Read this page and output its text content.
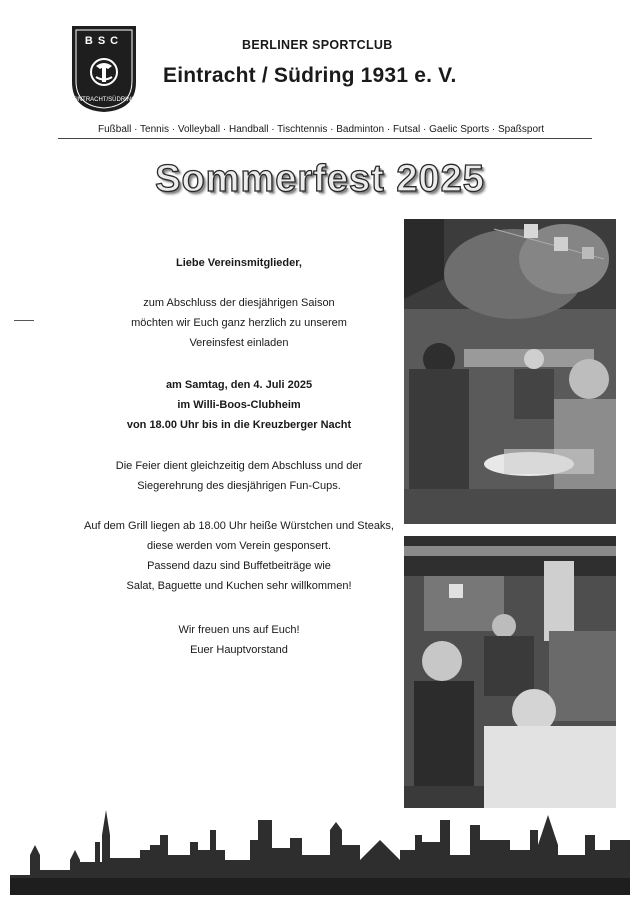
BSC
EINTRACHT/SÜDRING
BERLINER SPORTCLUB
Eintracht / Südring 1931 e. V.
Fußball · Tennis · Volleyball · Handball · Tischtennis · Badminton · Futsal · Gaelic Sports · Spaßsport
Sommerfest 2025
Liebe Vereinsmitglieder,
zum Abschluss der diesjährigen Saison
möchten wir Euch ganz herzlich zu unserem
Vereinsfest einladen
am Samtag, den 4. Juli 2025
im Willi-Boos-Clubheim
von 18.00 Uhr bis in die Kreuzberger Nacht
Die Feier dient gleichzeitig dem Abschluss und der
Siegerehrung des diesjährigen Fun-Cups.
Auf dem Grill liegen ab 18.00 Uhr heiße Würstchen und Steaks,
diese werden vom Verein gesponsert.
Passend dazu sind Buffetbeiträge wie
Salat, Baguette und Kuchen sehr willkommen!
Wir freuen uns auf Euch!
Euer Hauptvorstand
